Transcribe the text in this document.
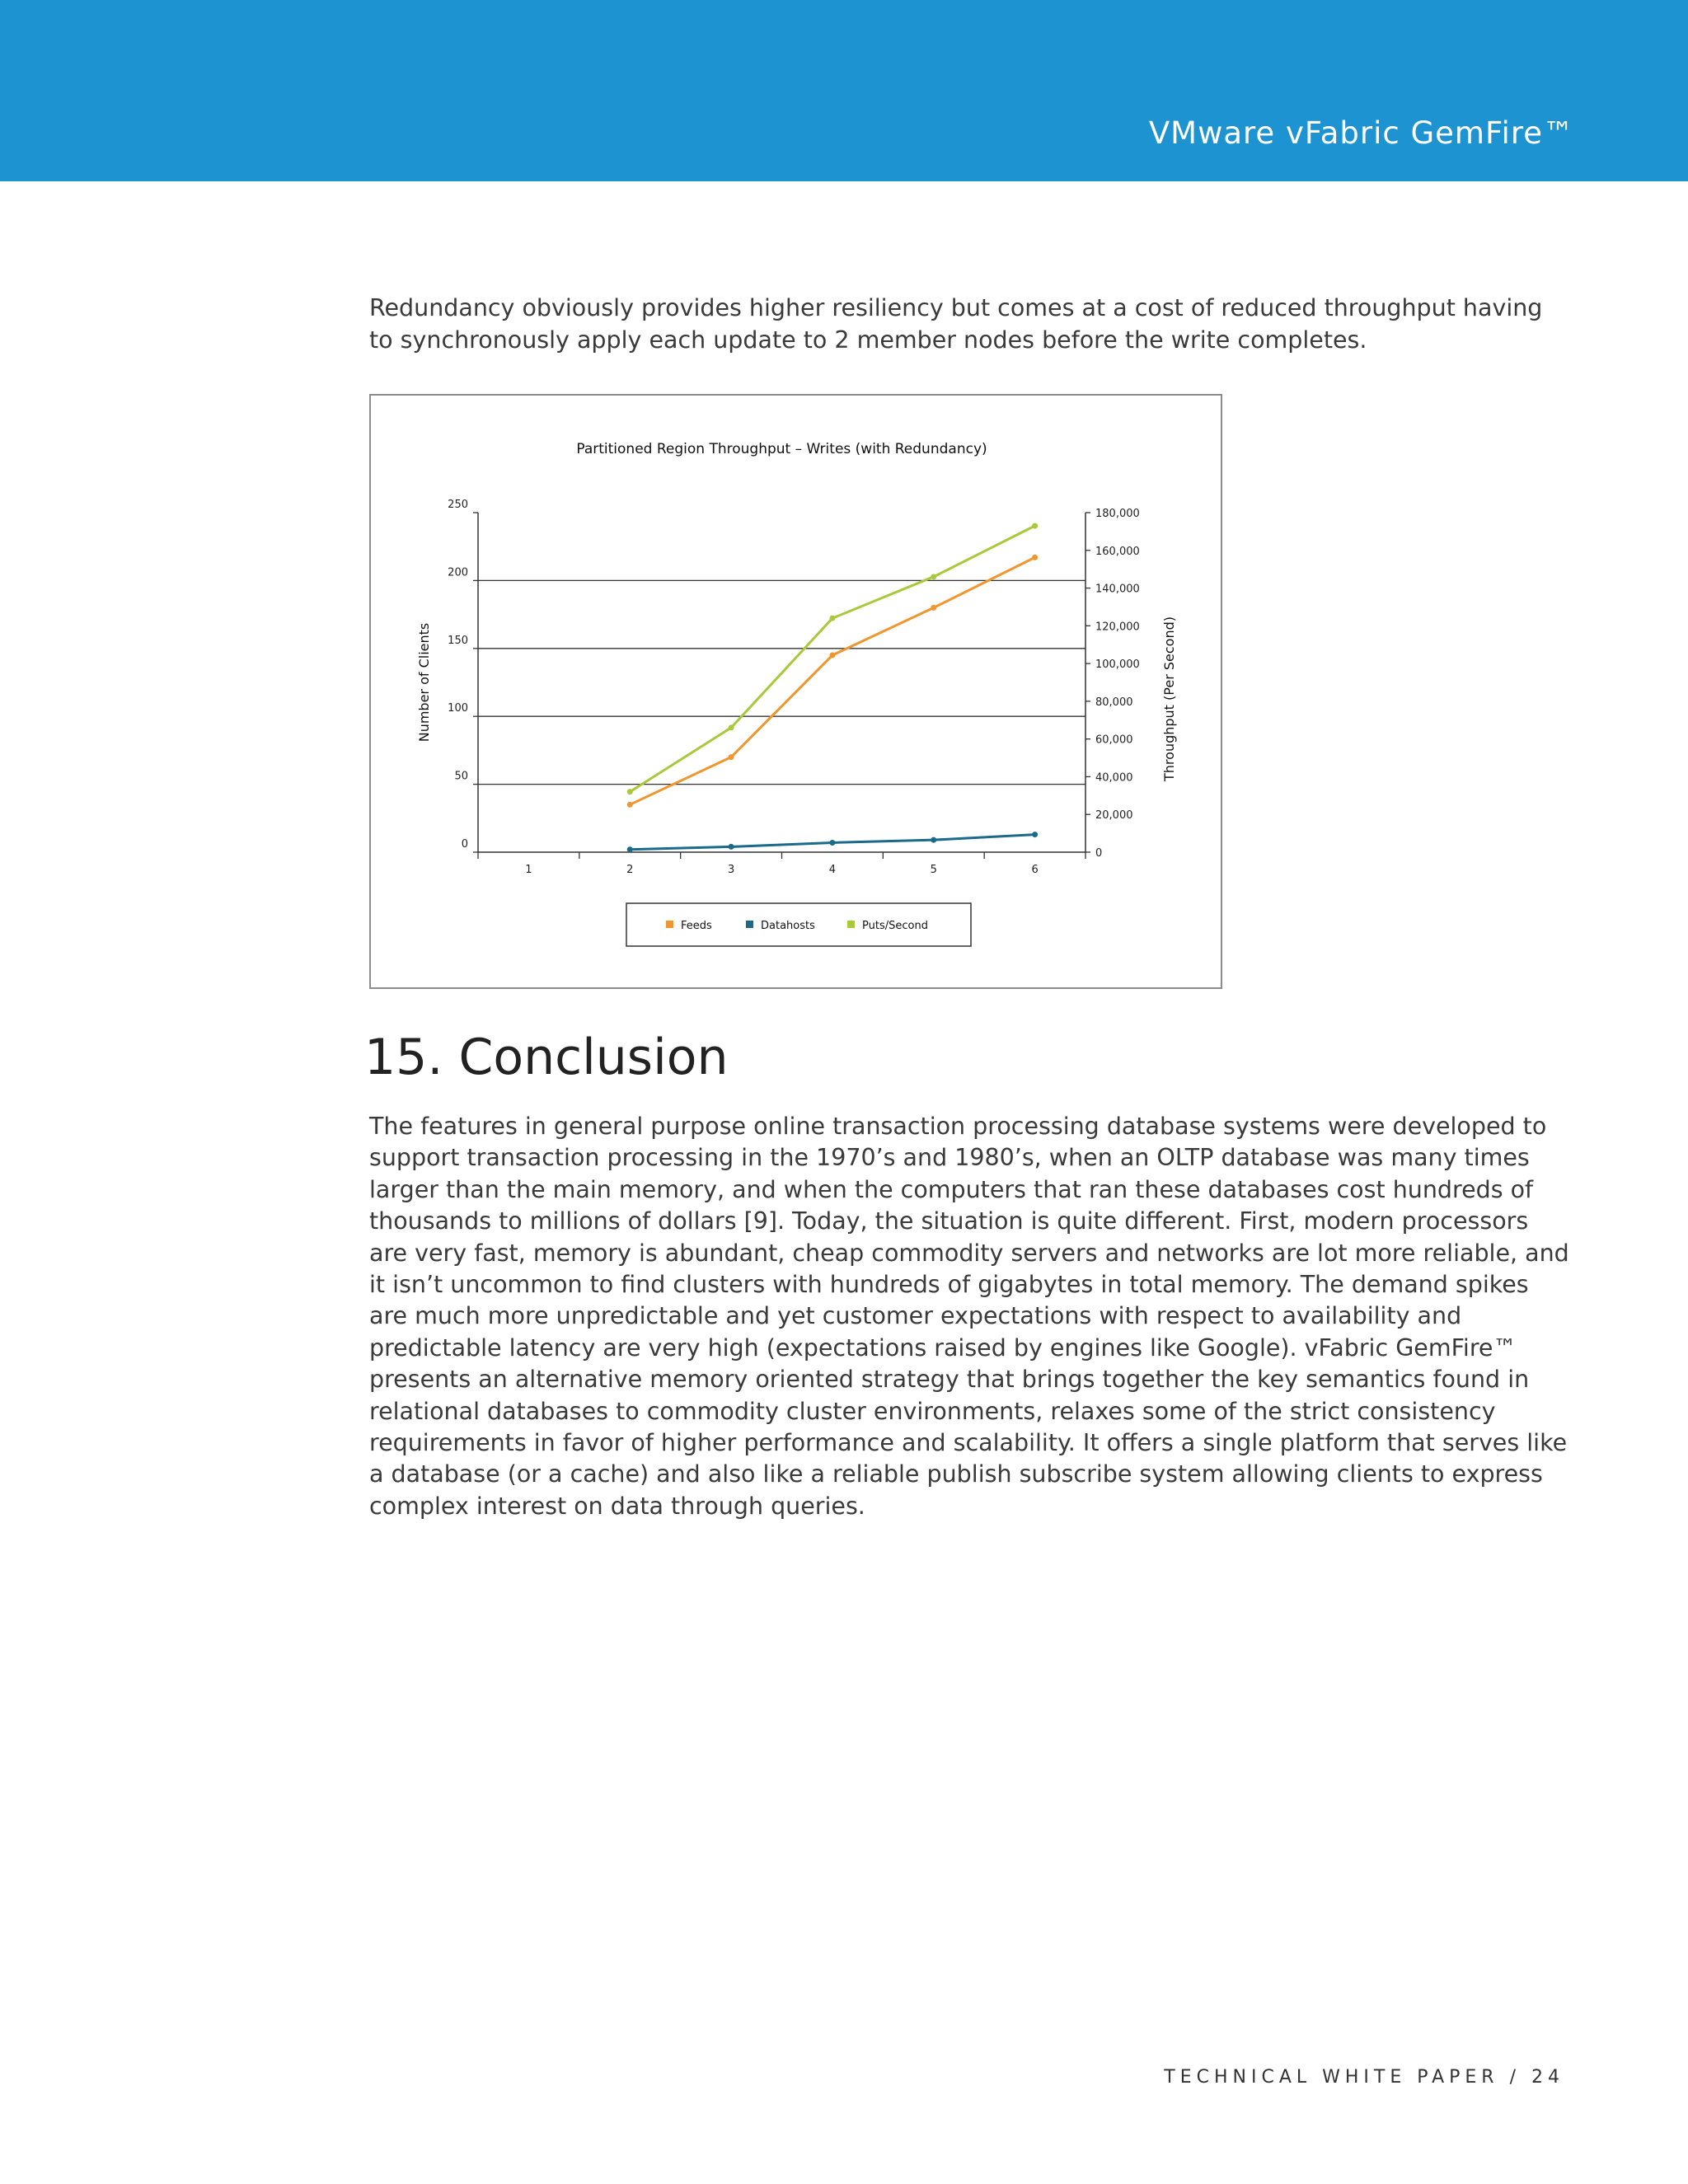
VMware vFabric GemFire™

Redundancy obviously provides higher resiliency but comes at a cost of reduced throughput having to synchronously apply each update to 2 member nodes before the write completes.

Partitioned Region Throughput – Writes (with Redundancy)
0
50
100
150
200
250
0
20,000
40,000
60,000
80,000
100,000
120,000
140,000
160,000
180,000
1	2	3	4	5	6
Number of Clients	Throughput (Per Second)
Feeds	Datahosts	Puts/Second
15. Conclusion

The features in general purpose online transaction processing database systems were developed to support transaction processing in the 1970’s and 1980’s, when an OLTP database was many times larger than the main memory, and when the computers that ran these databases cost hundreds of thousands to millions of dollars [9]. Today, the situation is quite different. First, modern processors are very fast, memory is abundant, cheap commodity servers and networks are lot more reliable, and it isn’t uncommon to find clusters with hundreds of gigabytes in total memory. The demand spikes are much more unpredictable and yet customer expectations with respect to availability and predictable latency are very high (expectations raised by engines like Google). vFabric GemFire™ presents an alternative memory oriented strategy that brings together the key semantics found in relational databases to commodity cluster environments, relaxes some of the strict consistency requirements in favor of higher performance and scalability. It offers a single platform that serves like a database (or a cache) and also like a reliable publish subscribe system allowing clients to express complex interest on data through queries.

TECHNICAL WHITE PAPER / 24
